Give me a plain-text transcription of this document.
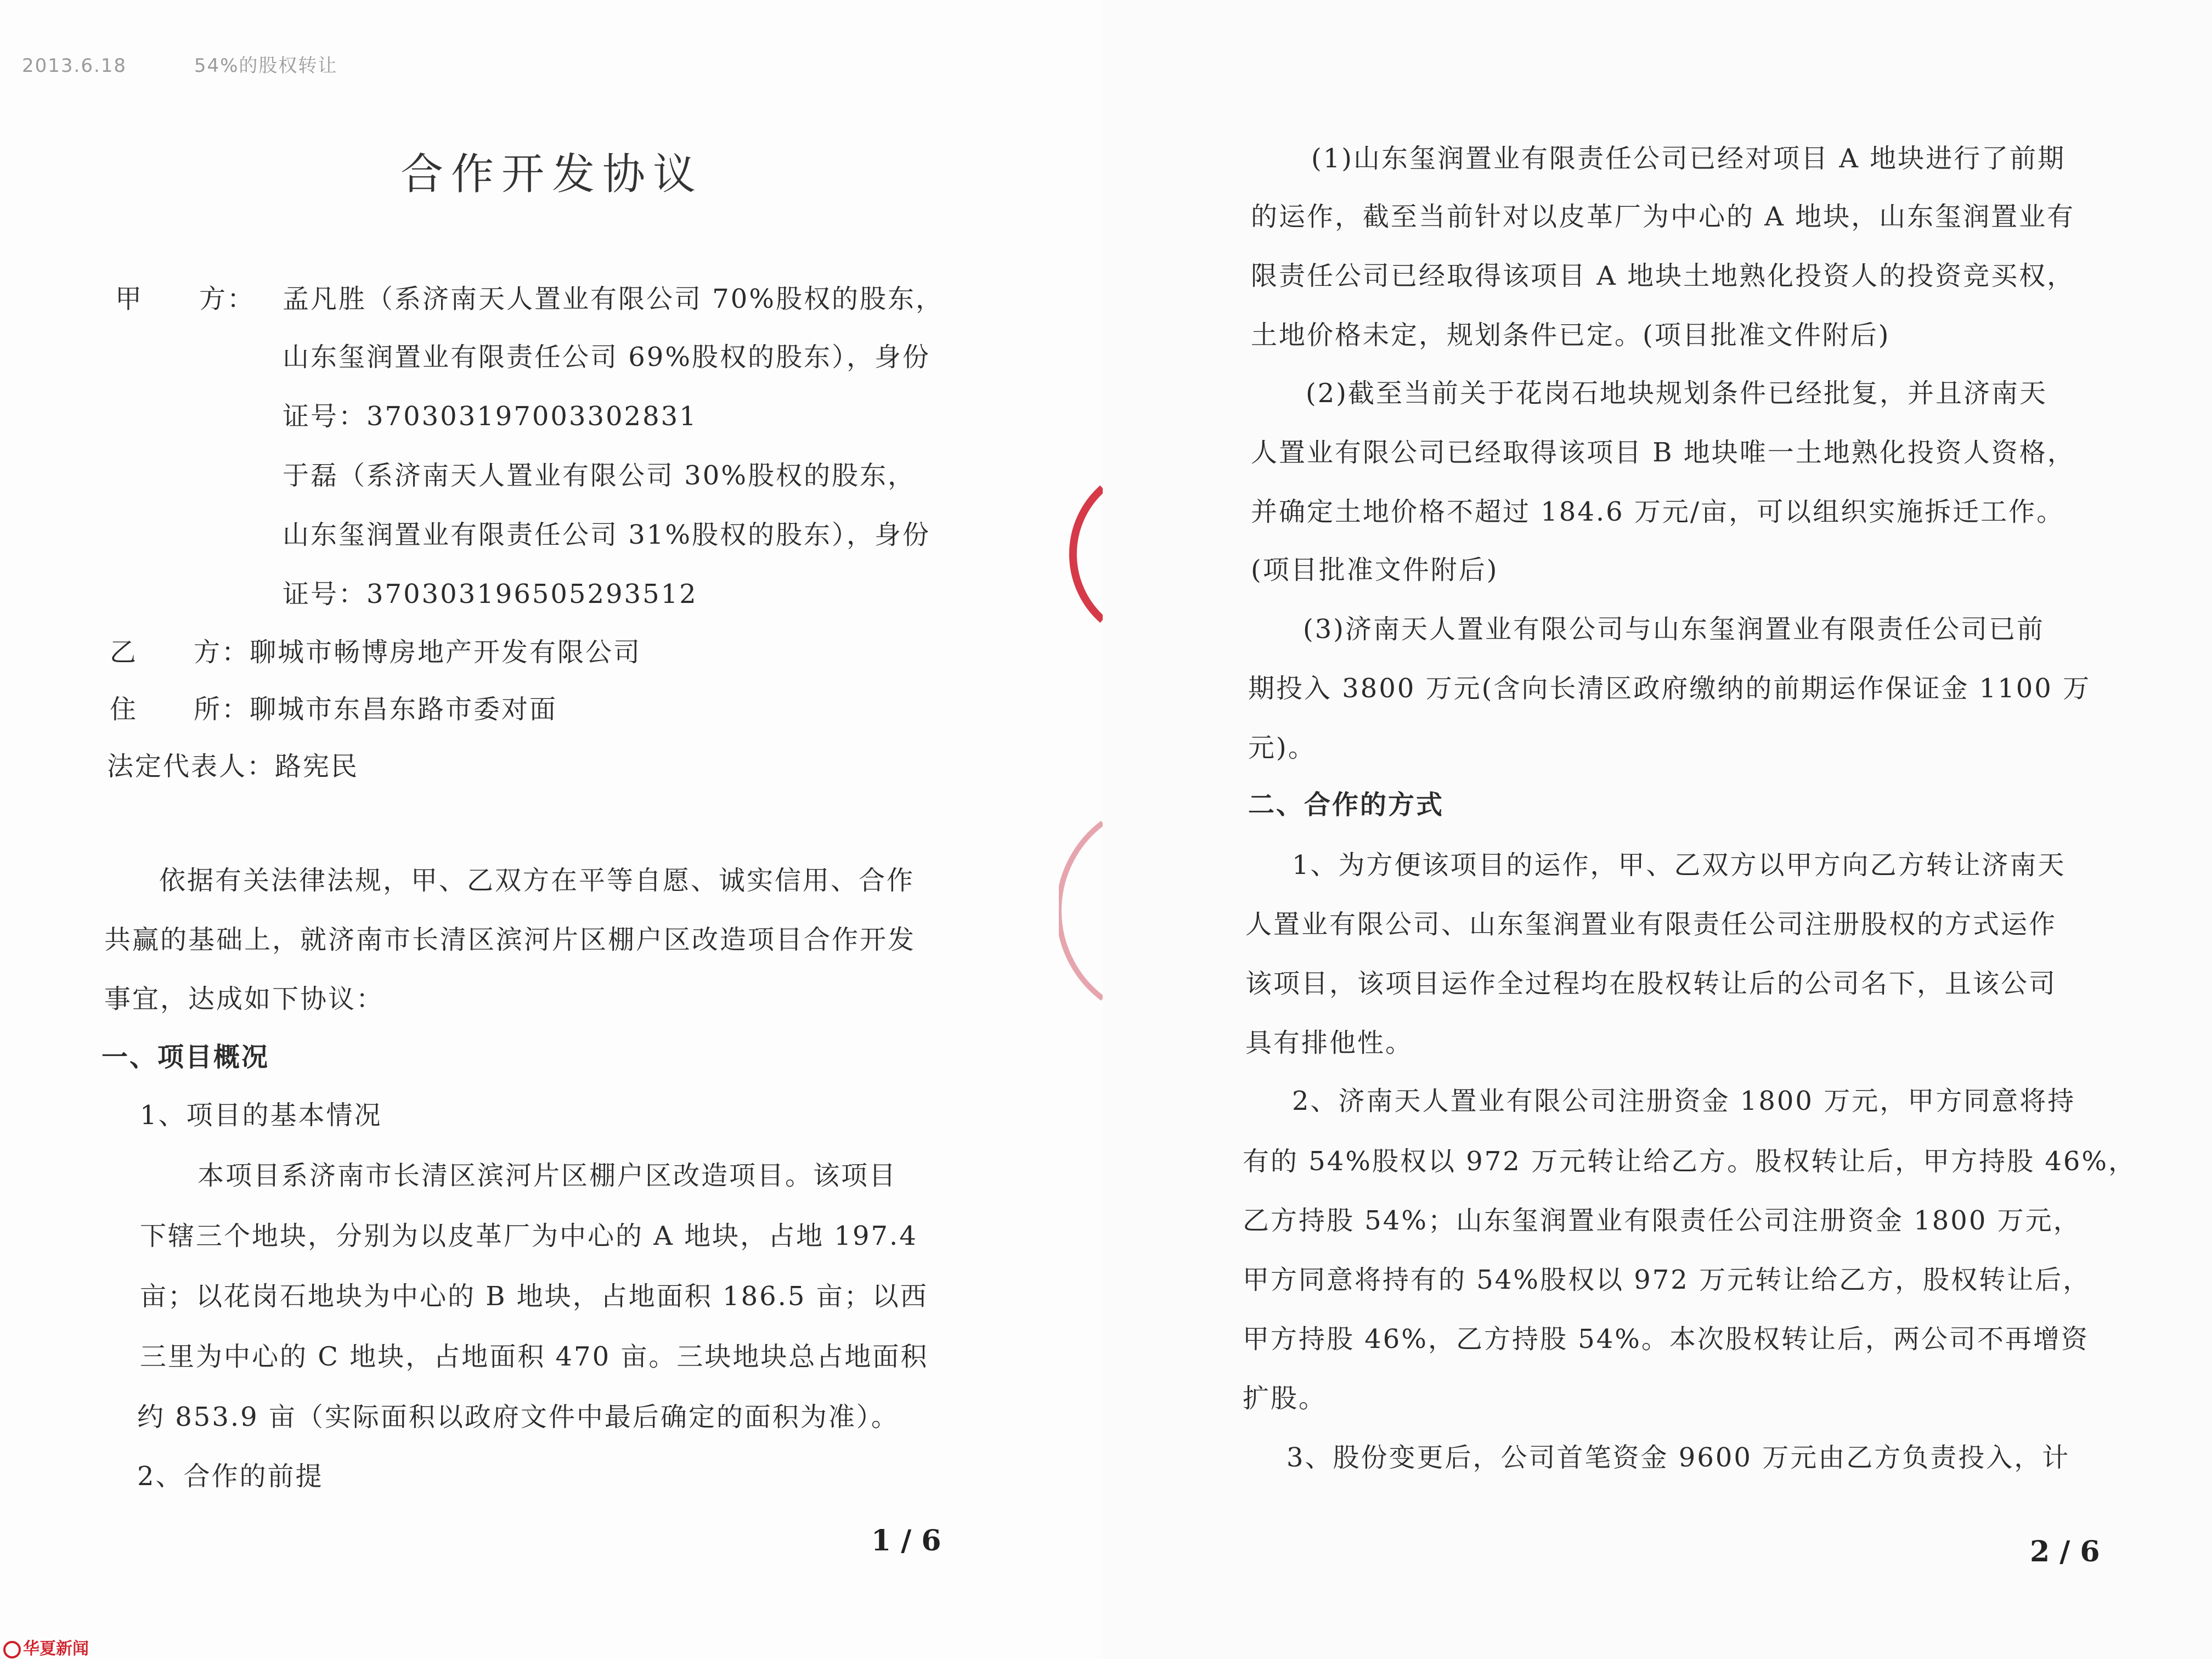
2013.6.18	54%的股权转让
合作开发协议
甲　　方： 孟凡胜（系济南天人置业有限公司 70%股权的股东，
山东玺润置业有限责任公司 69%股权的股东），身份
证号：370303197003302831
于磊（系济南天人置业有限公司 30%股权的股东，
山东玺润置业有限责任公司 31%股权的股东），身份
证号：370303196505293512
乙　　方：聊城市畅博房地产开发有限公司
住　　所：聊城市东昌东路市委对面
法定代表人：路宪民
依据有关法律法规，甲、乙双方在平等自愿、诚实信用、合作
共赢的基础上，就济南市长清区滨河片区棚户区改造项目合作开发
事宜，达成如下协议：
一、项目概况
1、项目的基本情况
本项目系济南市长清区滨河片区棚户区改造项目。该项目
下辖三个地块，分别为以皮革厂为中心的 A 地块，占地 197.4
亩；以花岗石地块为中心的 B 地块，占地面积 186.5 亩；以西
三里为中心的 C 地块，占地面积 470 亩。三块地块总占地面积
约 853.9 亩（实际面积以政府文件中最后确定的面积为准）。
2、合作的前提
1 / 6
(1)山东玺润置业有限责任公司已经对项目 A 地块进行了前期
的运作，截至当前针对以皮革厂为中心的 A 地块，山东玺润置业有
限责任公司已经取得该项目 A 地块土地熟化投资人的投资竞买权，
土地价格未定，规划条件已定。(项目批准文件附后)
(2)截至当前关于花岗石地块规划条件已经批复，并且济南天
人置业有限公司已经取得该项目 B 地块唯一土地熟化投资人资格，
并确定土地价格不超过 184.6 万元/亩，可以组织实施拆迁工作。
(项目批准文件附后)
(3)济南天人置业有限公司与山东玺润置业有限责任公司已前
期投入 3800 万元(含向长清区政府缴纳的前期运作保证金 1100 万
元)。
二、合作的方式
1、为方便该项目的运作，甲、乙双方以甲方向乙方转让济南天
人置业有限公司、山东玺润置业有限责任公司注册股权的方式运作
该项目，该项目运作全过程均在股权转让后的公司名下，且该公司
具有排他性。
2、济南天人置业有限公司注册资金 1800 万元，甲方同意将持
有的 54%股权以 972 万元转让给乙方。股权转让后，甲方持股 46%，
乙方持股 54%；山东玺润置业有限责任公司注册资金 1800 万元，
甲方同意将持有的 54%股权以 972 万元转让给乙方，股权转让后，
甲方持股 46%，乙方持股 54%。本次股权转让后，两公司不再增资
扩股。
3、股份变更后，公司首笔资金 9600 万元由乙方负责投入，计
2 / 6
华夏新闻
